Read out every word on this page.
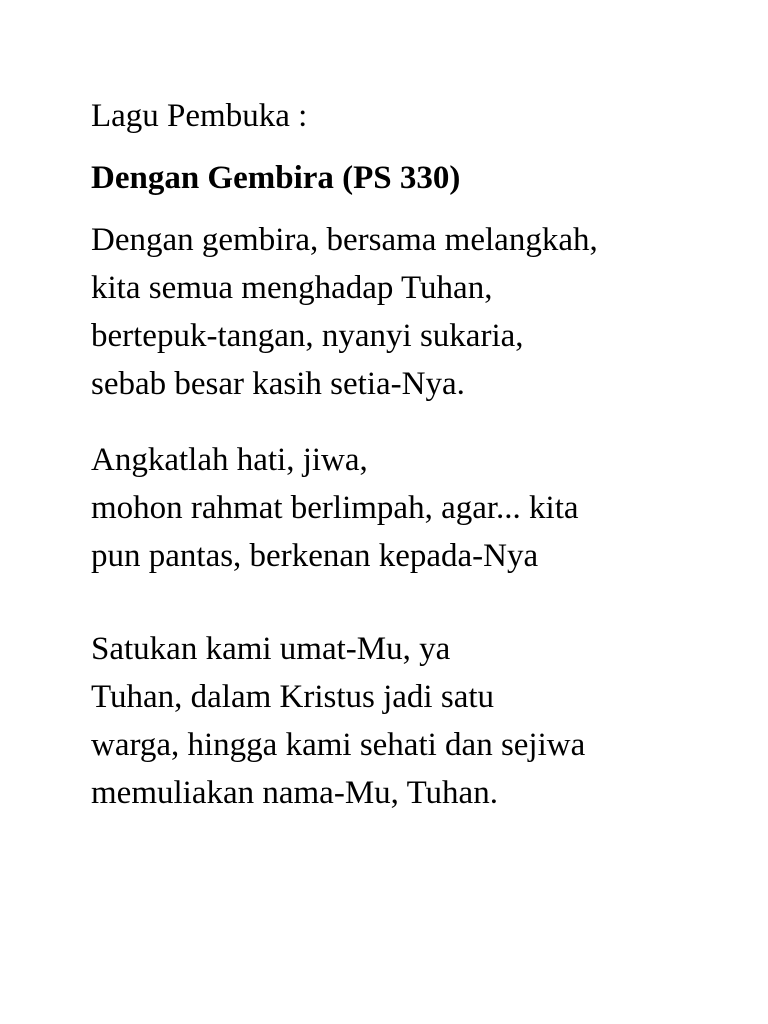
Lagu Pembuka :
Dengan Gembira (PS 330)
Dengan gembira, bersama melangkah,
kita semua menghadap Tuhan,
bertepuk-tangan, nyanyi sukaria,
sebab besar kasih setia-Nya.
Angkatlah hati, jiwa,
mohon rahmat berlimpah, agar... kita
pun pantas, berkenan kepada-Nya
Satukan kami umat-Mu, ya
Tuhan, dalam Kristus jadi satu
warga, hingga kami sehati dan sejiwa
memuliakan nama-Mu, Tuhan.
